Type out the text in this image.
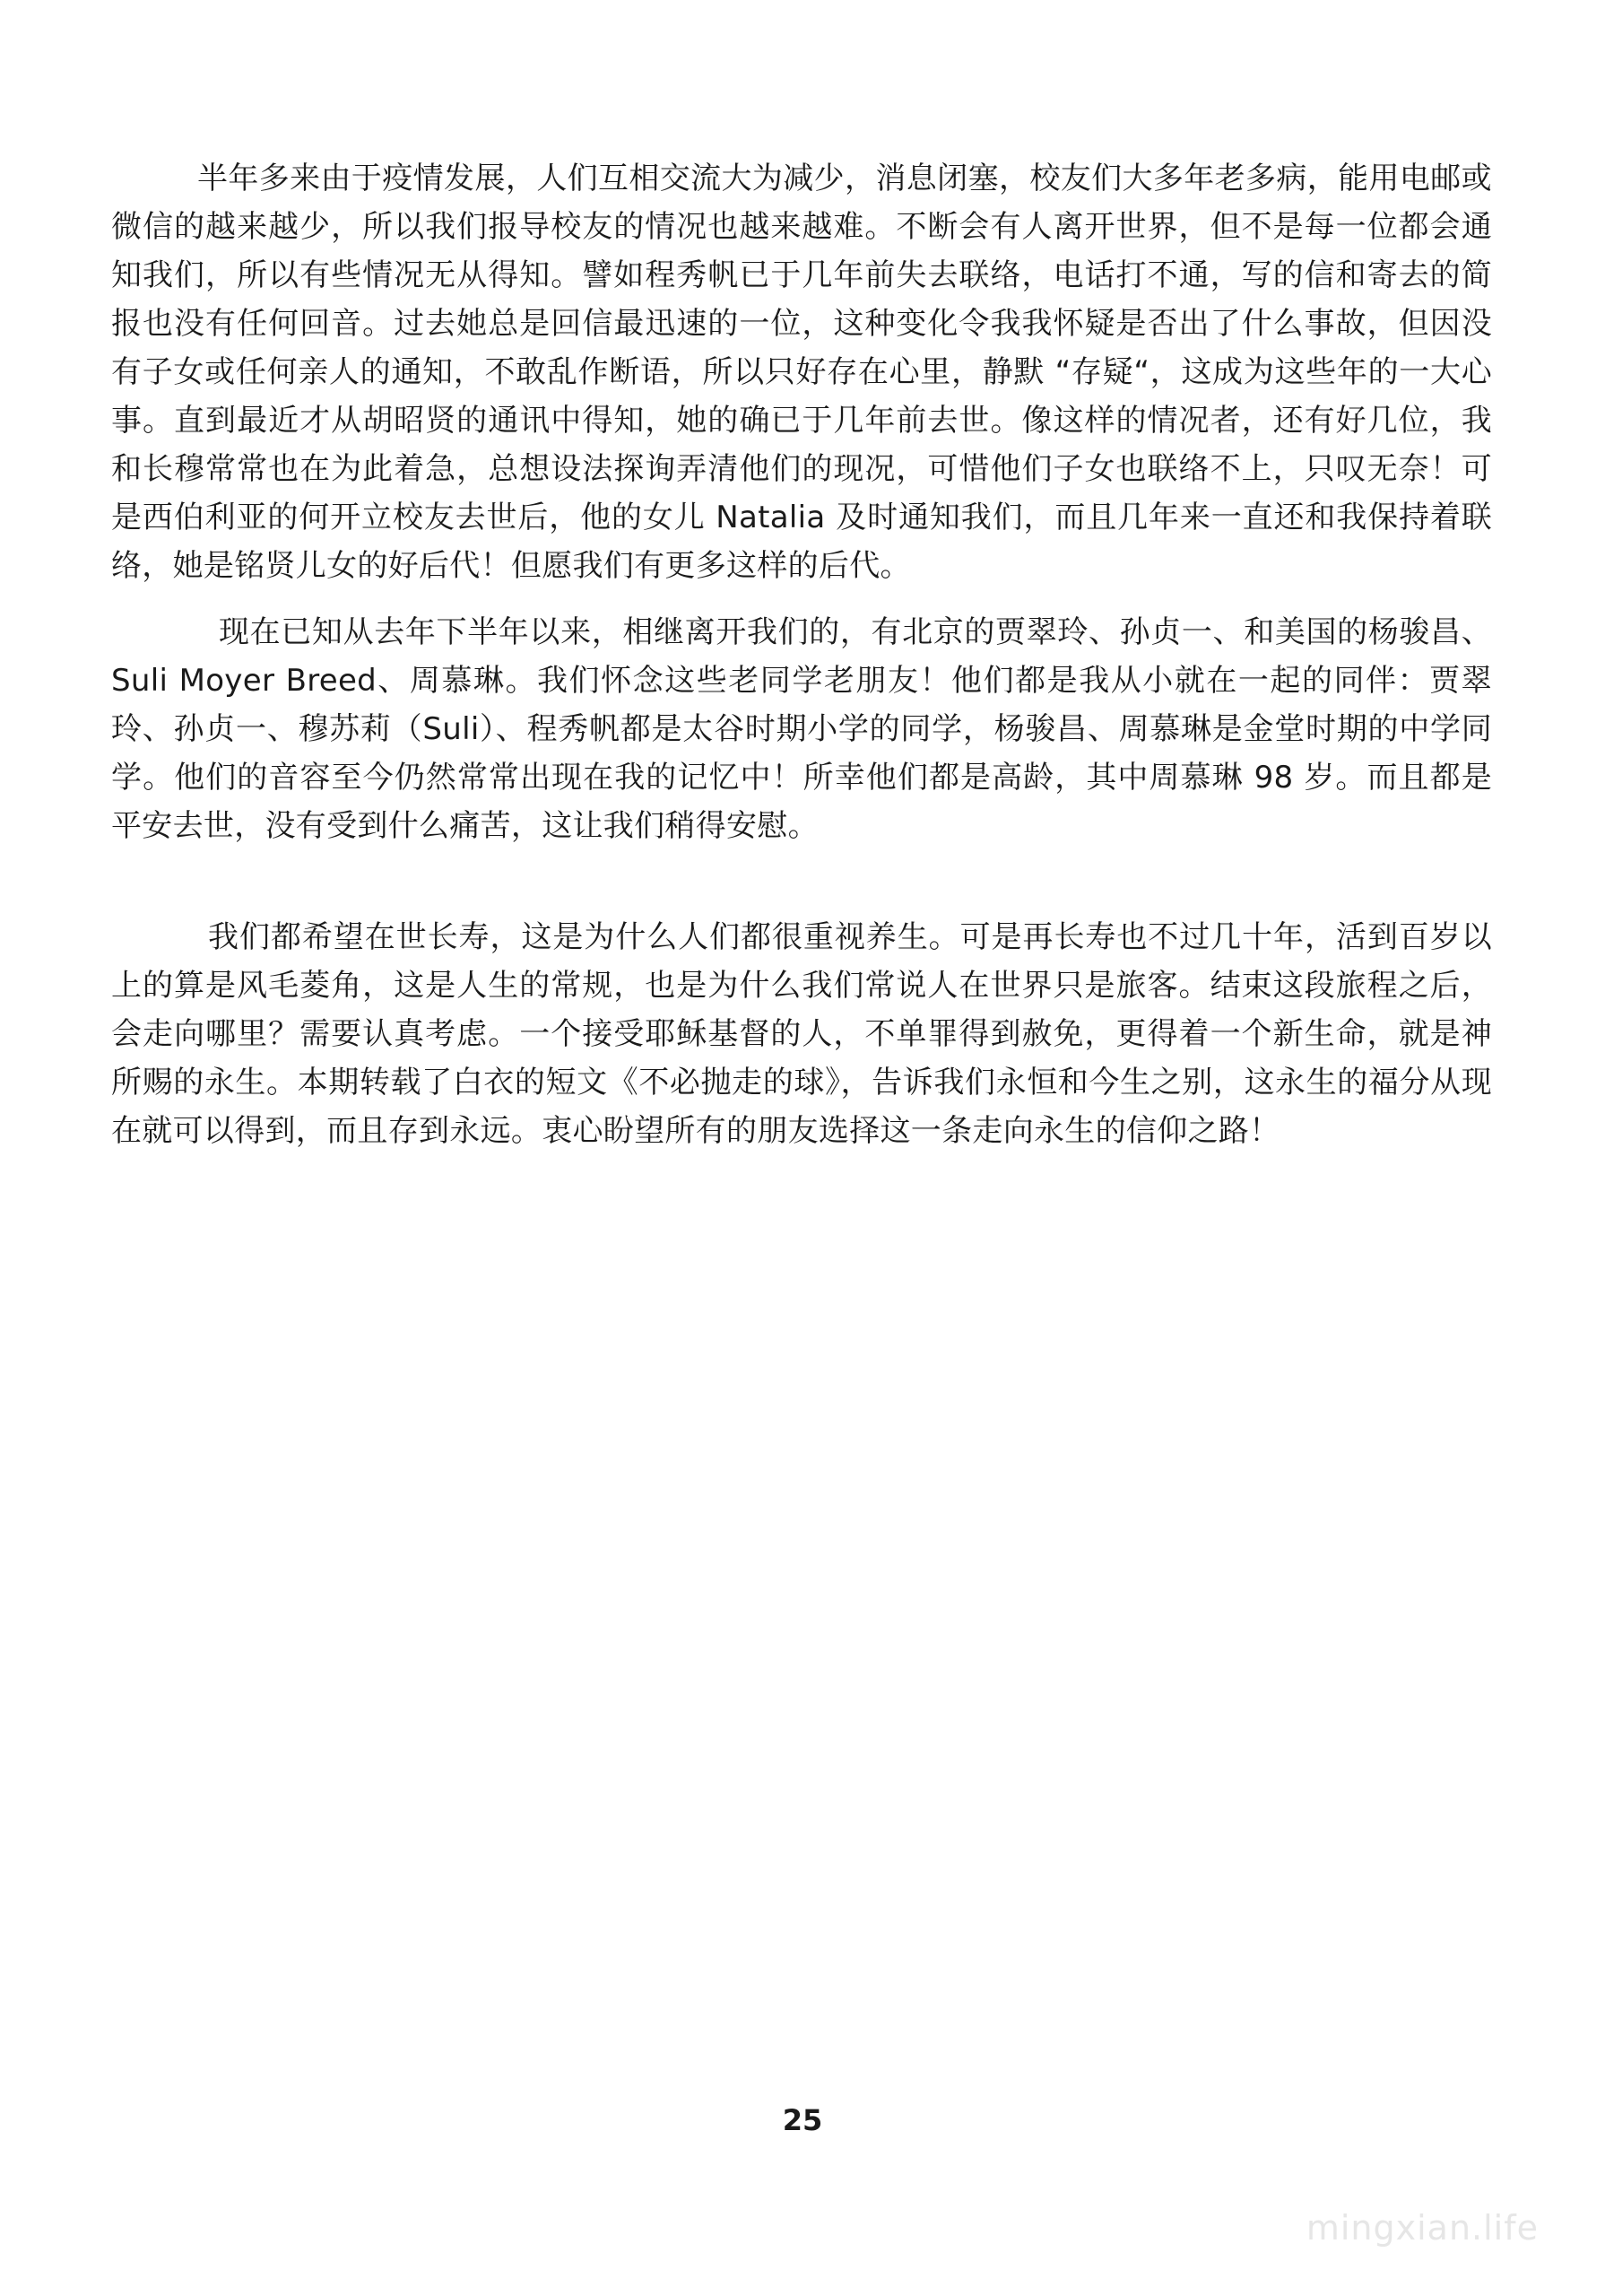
半年多来由于疫情发展，人们互相交流大为减少，消息闭塞，校友们大多年老多病，能用电邮或微信的越来越少，所以我们报导校友的情况也越来越难。不断会有人离开世界，但不是每一位都会通知我们，所以有些情况无从得知。譬如程秀帆已于几年前失去联络，电话打不通，写的信和寄去的简报也没有任何回音。过去她总是回信最迅速的一位，这种变化令我我怀疑是否出了什么事故，但因没有子女或任何亲人的通知，不敢乱作断语，所以只好存在心里，静默 “存疑“，这成为这些年的一大心事。直到最近才从胡昭贤的通讯中得知，她的确已于几年前去世。像这样的情况者，还有好几位，我和长穆常常也在为此着急，总想设法探询弄清他们的现况，可惜他们子女也联络不上，只叹无奈！可是西伯利亚的何开立校友去世后，他的女儿 Natalia 及时通知我们，而且几年来一直还和我保持着联络，她是铭贤儿女的好后代！但愿我们有更多这样的后代。

现在已知从去年下半年以来，相继离开我们的，有北京的贾翠玲、孙贞一、和美国的杨骏昌、Suli Moyer Breed、周慕琳。我们怀念这些老同学老朋友！他们都是我从小就在一起的同伴：贾翠玲、孙贞一、穆苏莉（Suli）、程秀帆都是太谷时期小学的同学，杨骏昌、周慕琳是金堂时期的中学同学。他们的音容至今仍然常常出现在我的记忆中！所幸他们都是高龄，其中周慕琳 98 岁。而且都是平安去世，没有受到什么痛苦，这让我们稍得安慰。

我们都希望在世长寿，这是为什么人们都很重视养生。可是再长寿也不过几十年，活到百岁以上的算是风毛菱角，这是人生的常规，也是为什么我们常说人在世界只是旅客。结束这段旅程之后，会走向哪里？需要认真考虑。一个接受耶稣基督的人，不单罪得到赦免，更得着一个新生命，就是神所赐的永生。本期转载了白衣的短文《不必抛走的球》，告诉我们永恒和今生之别，这永生的福分从现在就可以得到，而且存到永远。衷心盼望所有的朋友选择这一条走向永生的信仰之路！

25
mingxian.life
